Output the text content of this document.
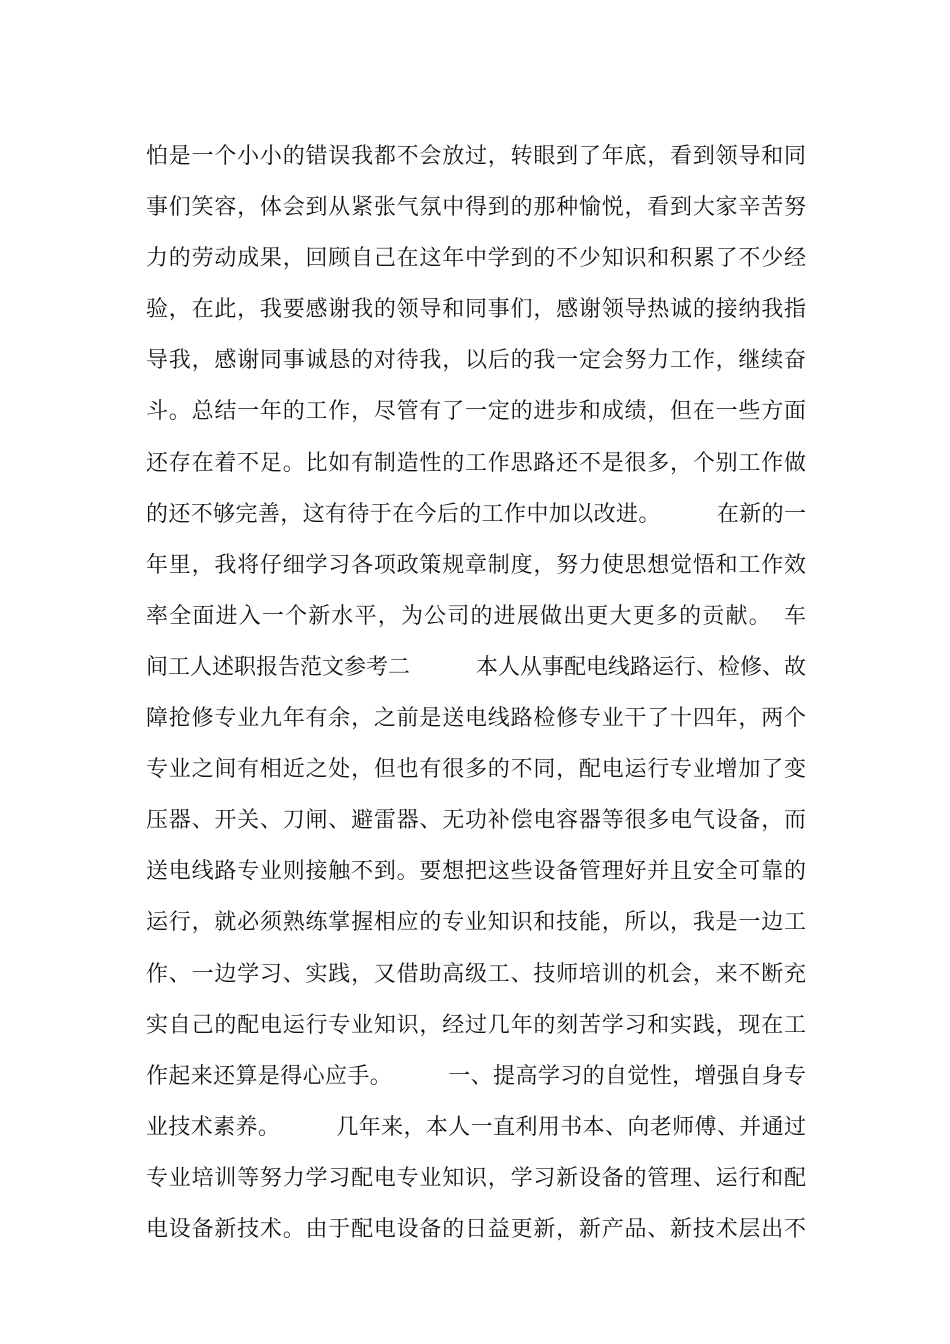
怕是一个小小的错误我都不会放过，转眼到了年底，看到领导和同
事们笑容，体会到从紧张气氛中得到的那种愉悦，看到大家辛苦努
力的劳动成果，回顾自己在这年中学到的不少知识和积累了不少经
验，在此，我要感谢我的领导和同事们，感谢领导热诚的接纳我指
导我，感谢同事诚恳的对待我，以后的我一定会努力工作，继续奋
斗。总结一年的工作，尽管有了一定的进步和成绩，但在一些方面
还存在着不足。比如有制造性的工作思路还不是很多，个别工作做
的还不够完善，这有待于在今后的工作中加以改进。　　　在新的一
年里，我将仔细学习各项政策规章制度，努力使思想觉悟和工作效
率全面进入一个新水平，为公司的进展做出更大更多的贡献。　车
间工人述职报告范文参考二　　　本人从事配电线路运行、检修、故
障抢修专业九年有余，之前是送电线路检修专业干了十四年，两个
专业之间有相近之处，但也有很多的不同，配电运行专业增加了变
压器、开关、刀闸、避雷器、无功补偿电容器等很多电气设备，而
送电线路专业则接触不到。要想把这些设备管理好并且安全可靠的
运行，就必须熟练掌握相应的专业知识和技能，所以，我是一边工
作、一边学习、实践，又借助高级工、技师培训的机会，来不断充
实自己的配电运行专业知识，经过几年的刻苦学习和实践，现在工
作起来还算是得心应手。　　　一、提高学习的自觉性，增强自身专
业技术素养。　　　几年来，本人一直利用书本、向老师傅、并通过
专业培训等努力学习配电专业知识，学习新设备的管理、运行和配
电设备新技术。由于配电设备的日益更新，新产品、新技术层出不
